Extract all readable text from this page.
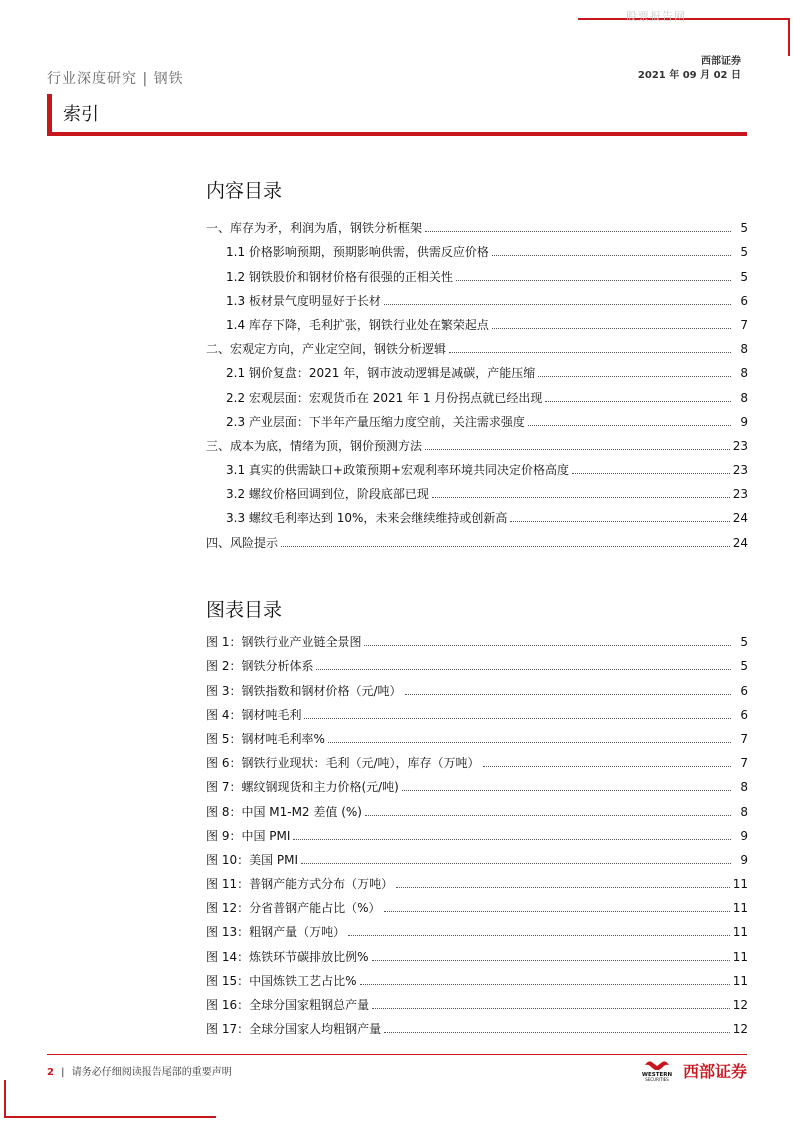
股票报告网
行业深度研究 | 钢铁
西部证券
2021 年 09 月 02 日
索引
内容目录
一、库存为矛，利润为盾，钢铁分析框架	5
1.1 价格影响预期，预期影响供需，供需反应价格	5
1.2 钢铁股价和钢材价格有很强的正相关性	5
1.3 板材景气度明显好于长材	6
1.4 库存下降，毛利扩张，钢铁行业处在繁荣起点	7
二、宏观定方向，产业定空间，钢铁分析逻辑	8
2.1 钢价复盘：2021 年，钢市波动逻辑是减碳，产能压缩	8
2.2 宏观层面：宏观货币在 2021 年 1 月份拐点就已经出现	8
2.3 产业层面：下半年产量压缩力度空前，关注需求强度	9
三、成本为底，情绪为顶，钢价预测方法	23
3.1 真实的供需缺口+政策预期+宏观利率环境共同决定价格高度	23
3.2 螺纹价格回调到位，阶段底部已现	23
3.3 螺纹毛利率达到 10%，未来会继续维持或创新高	24
四、风险提示	24
图表目录
图 1：钢铁行业产业链全景图	5
图 2：钢铁分析体系	5
图 3：钢铁指数和钢材价格（元/吨）	6
图 4：钢材吨毛利	6
图 5：钢材吨毛利率%	7
图 6：钢铁行业现状：毛利（元/吨），库存（万吨）	7
图 7：螺纹钢现货和主力价格(元/吨)	8
图 8：中国 M1-M2 差值 (%)	8
图 9：中国 PMI	9
图 10：美国 PMI	9
图 11：普钢产能方式分布（万吨）	11
图 12：分省普钢产能占比（%）	11
图 13：粗钢产量（万吨）	11
图 14：炼铁环节碳排放比例%	11
图 15：中国炼铁工艺占比%	11
图 16：全球分国家粗钢总产量	12
图 17：全球分国家人均粗钢产量	12
2 | 请务必仔细阅读报告尾部的重要声明	WESTERN
SECURITIES 西部证券
